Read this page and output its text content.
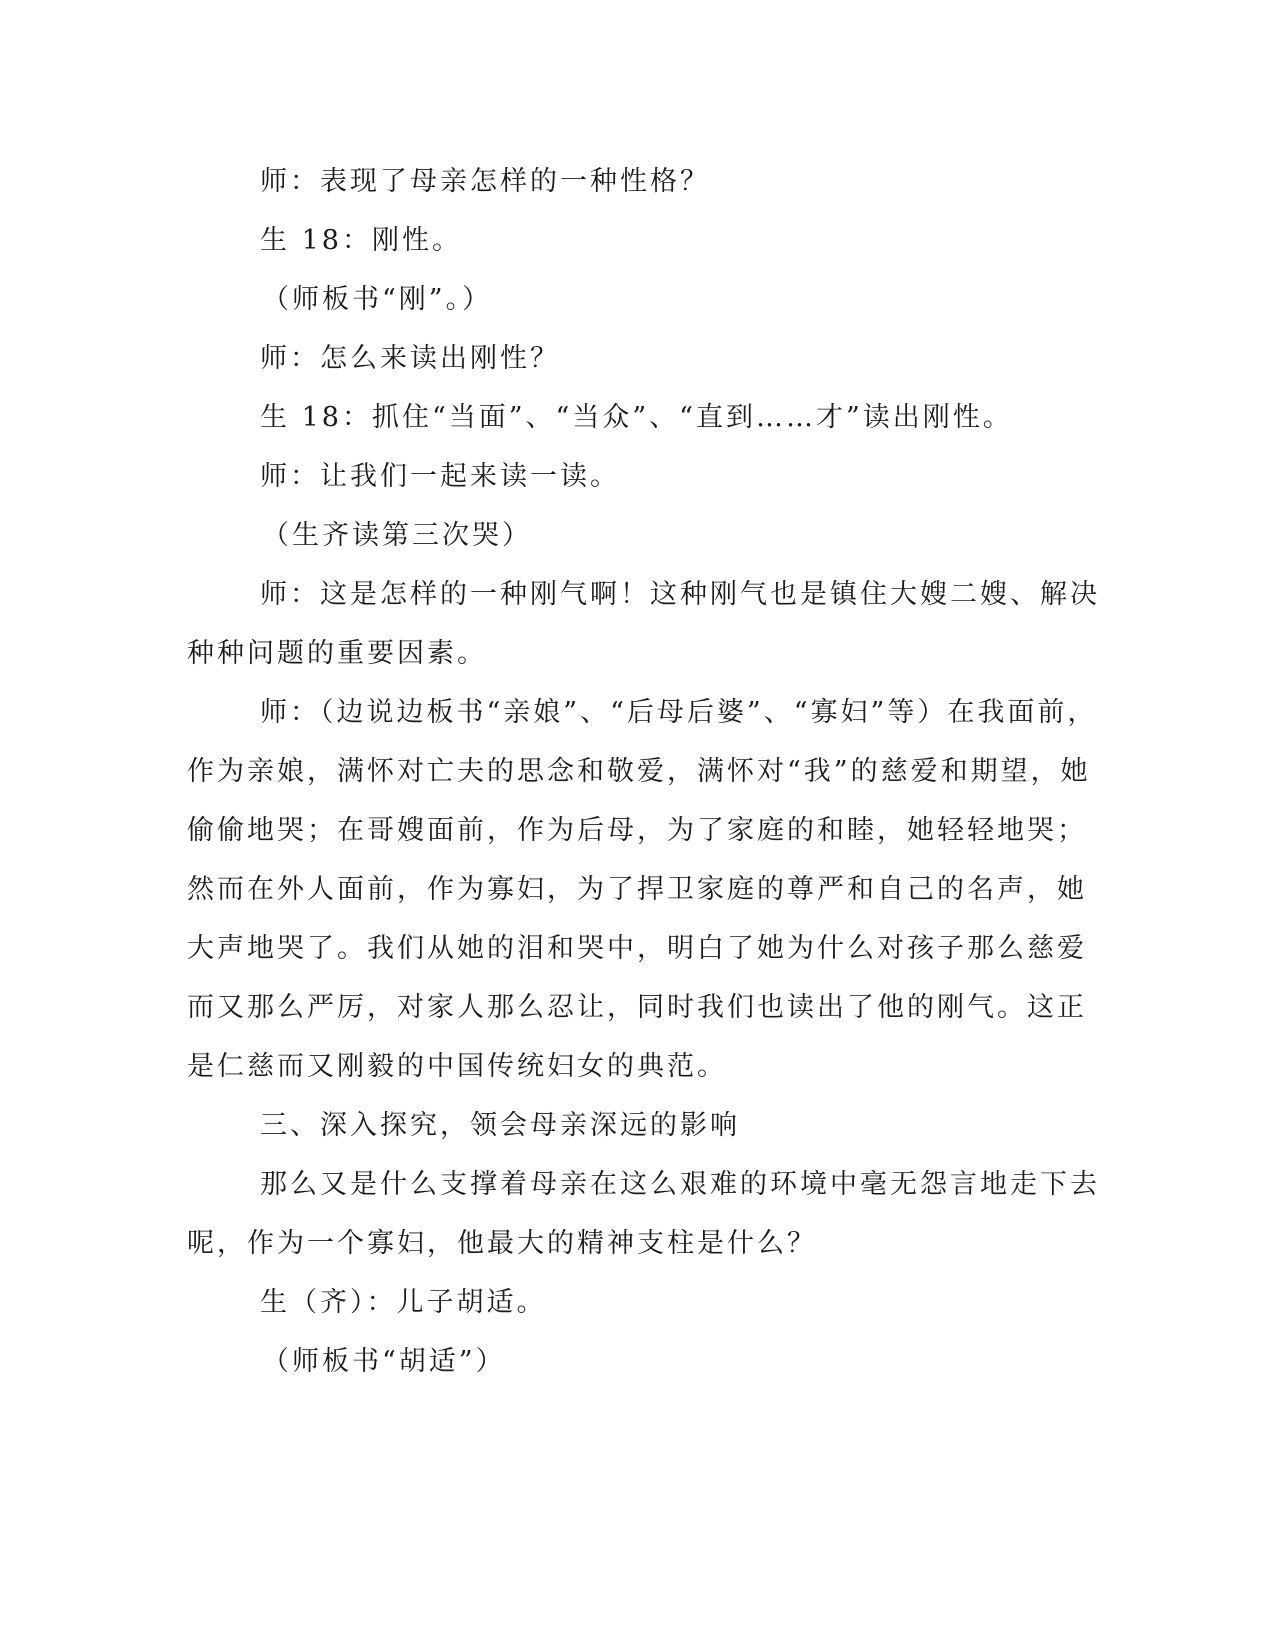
师：表现了母亲怎样的一种性格？
生 18：刚性。
（师板书“刚”。）
师：怎么来读出刚性？
生 18：抓住“当面”、“当众”、“直到……才”读出刚性。
师：让我们一起来读一读。
（生齐读第三次哭）
师：这是怎样的一种刚气啊！这种刚气也是镇住大嫂二嫂、解决
种种问题的重要因素。
师：（边说边板书“亲娘”、“后母后婆”、“寡妇”等）在我面前，
作为亲娘，满怀对亡夫的思念和敬爱，满怀对“我”的慈爱和期望，她
偷偷地哭；在哥嫂面前，作为后母，为了家庭的和睦，她轻轻地哭；
然而在外人面前，作为寡妇，为了捍卫家庭的尊严和自己的名声，她
大声地哭了。我们从她的泪和哭中，明白了她为什么对孩子那么慈爱
而又那么严厉，对家人那么忍让，同时我们也读出了他的刚气。这正
是仁慈而又刚毅的中国传统妇女的典范。
三、深入探究，领会母亲深远的影响
那么又是什么支撑着母亲在这么艰难的环境中毫无怨言地走下去
呢，作为一个寡妇，他最大的精神支柱是什么？
生（齐）：儿子胡适。
（师板书“胡适”）
